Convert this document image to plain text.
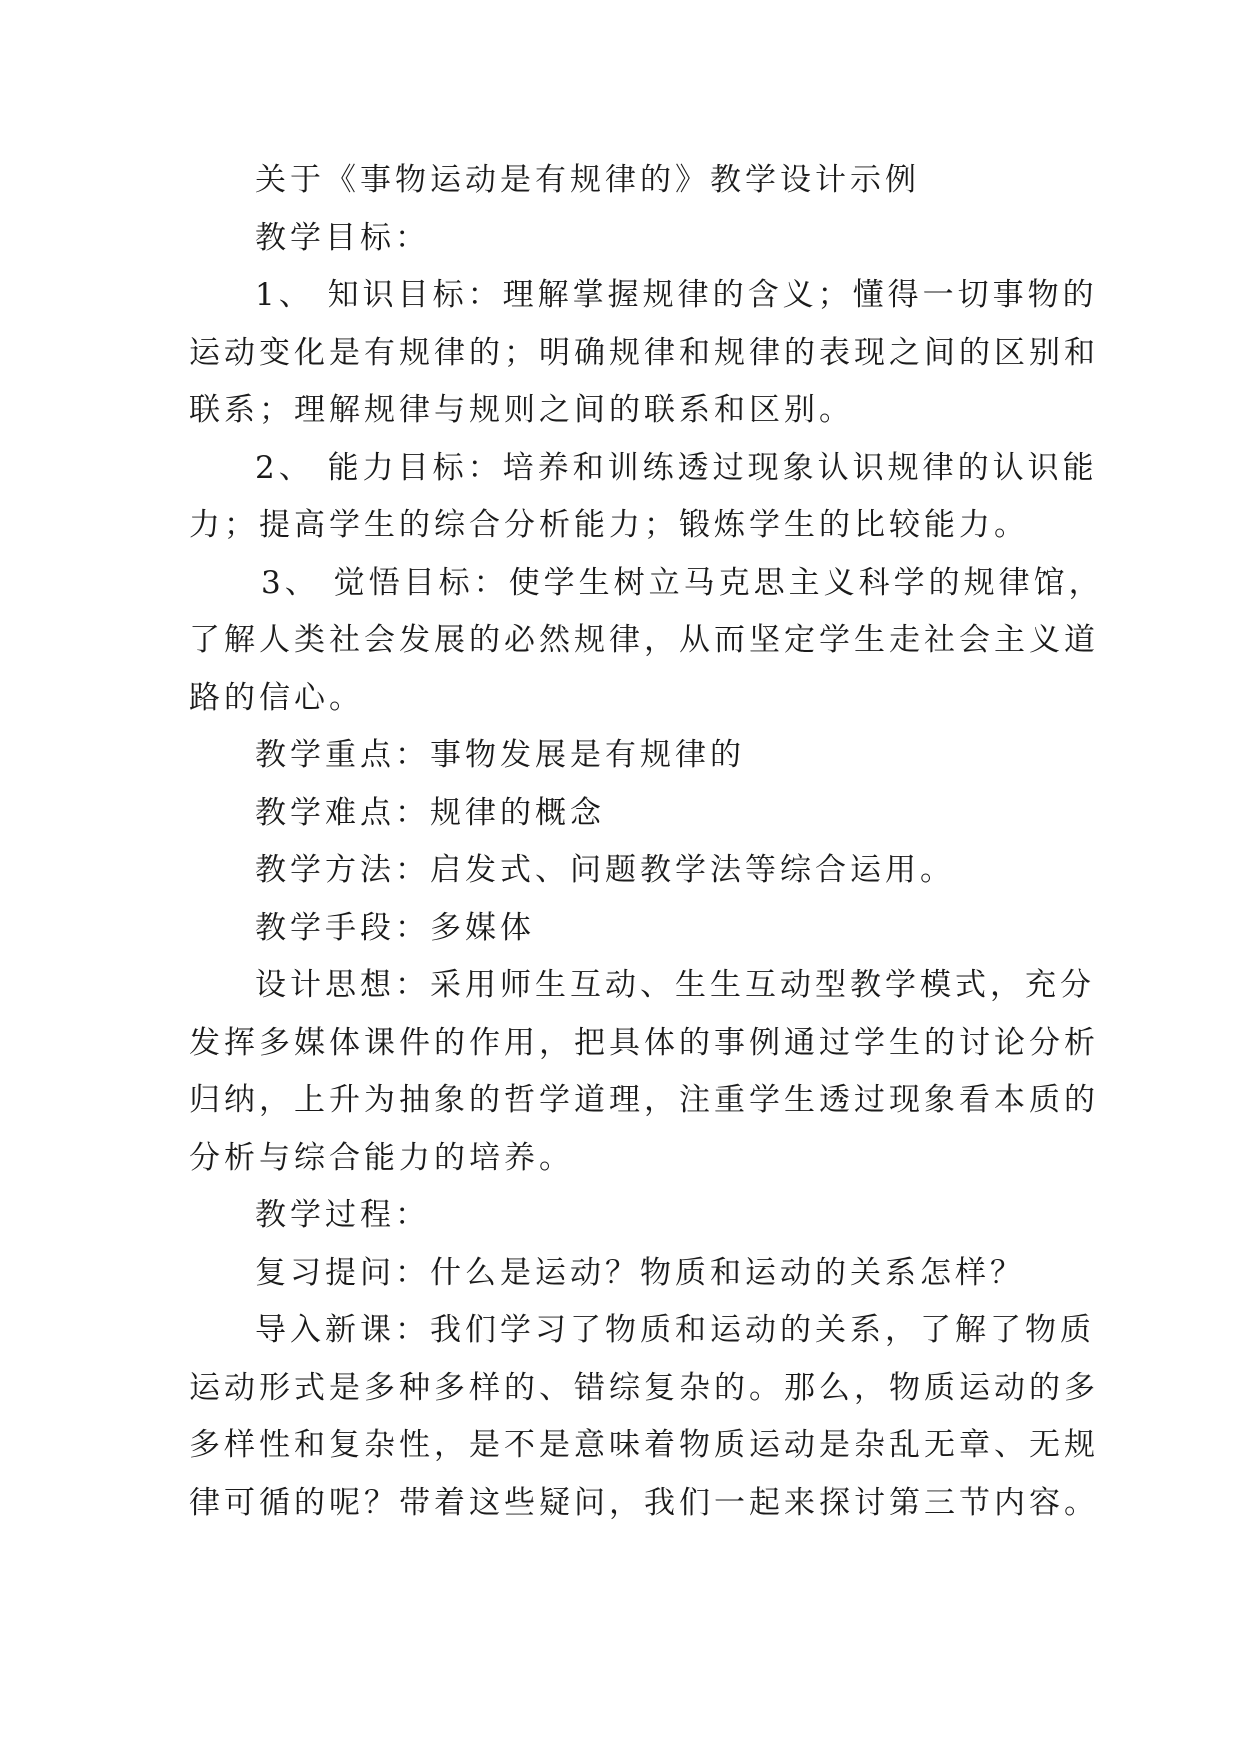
关于《事物运动是有规律的》教学设计示例
教学目标：
1、 知识目标：理解掌握规律的含义；懂得一切事物的
运动变化是有规律的；明确规律和规律的表现之间的区别和
联系；理解规律与规则之间的联系和区别。
2、 能力目标：培养和训练透过现象认识规律的认识能
力；提高学生的综合分析能力；锻炼学生的比较能力。
3、 觉悟目标：使学生树立马克思主义科学的规律馆，
了解人类社会发展的必然规律，从而坚定学生走社会主义道
路的信心。
教学重点：事物发展是有规律的
教学难点：规律的概念
教学方法：启发式、问题教学法等综合运用。
教学手段：多媒体
设计思想：采用师生互动、生生互动型教学模式，充分
发挥多媒体课件的作用，把具体的事例通过学生的讨论分析
归纳，上升为抽象的哲学道理，注重学生透过现象看本质的
分析与综合能力的培养。
教学过程：
复习提问：什么是运动？物质和运动的关系怎样？
导入新课：我们学习了物质和运动的关系，了解了物质
运动形式是多种多样的、错综复杂的。那么，物质运动的多
多样性和复杂性，是不是意味着物质运动是杂乱无章、无规
律可循的呢？带着这些疑问，我们一起来探讨第三节内容。
